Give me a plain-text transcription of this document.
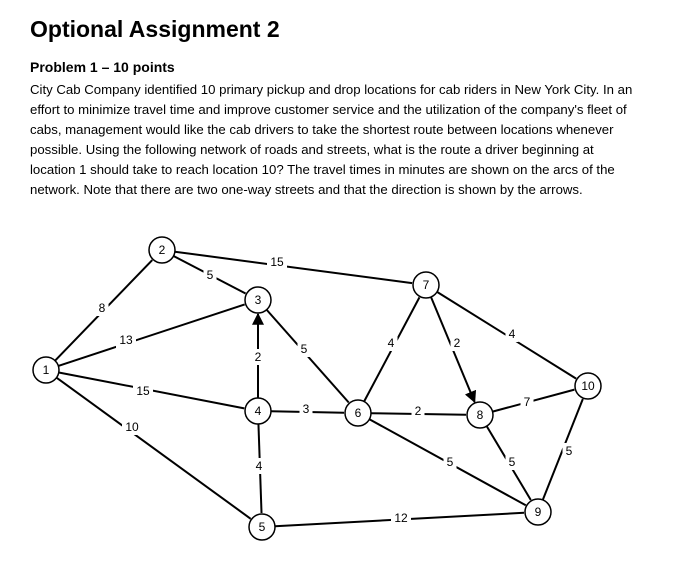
Optional Assignment 2
Problem 1 – 10 points
City Cab Company identified 10 primary pickup and drop locations for cab riders in New York City. In an
effort to minimize travel time and improve customer service and the utilization of the company's fleet of
cabs, management would like the cab drivers to take the shortest route between locations whenever
possible. Using the following network of roads and streets, what is the route a driver beginning at
location 1 should take to reach location 10? The travel times in minutes are shown on the arcs of the
network. Note that there are two one-way streets and that the direction is shown by the arrows.
8
13
15
10
5
15
2
5
3
4
4	2
4
2
5
7
5
5
12
1
2
3
4
5
6
7
8
9
10
